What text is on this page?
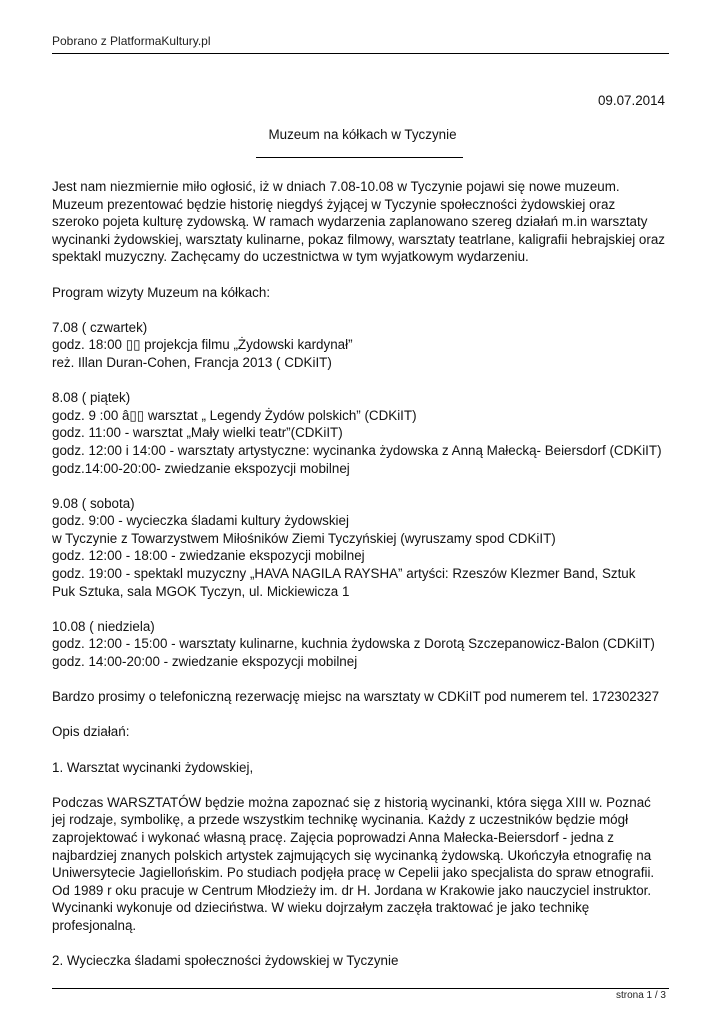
Pobrano z PlatformaKultury.pl
09.07.2014
Muzeum na kółkach w Tyczynie

Jest nam niezmiernie miło ogłosić, iż w dniach 7.08-10.08 w Tyczynie pojawi się nowe muzeum.
Muzeum prezentować będzie historię niegdyś żyjącej w Tyczynie społeczności żydowskiej oraz
szeroko pojeta kulturę zydowską. W ramach wydarzenia zaplanowano szereg działań m.in warsztaty
wycinanki żydowskiej, warsztaty kulinarne, pokaz filmowy, warsztaty teatrlane, kaligrafii hebrajskiej oraz
spektakl muzyczny. Zachęcamy do uczestnictwa w tym wyjatkowym wydarzeniu.

Program wizyty Muzeum na kółkach:

7.08 ( czwartek)
godz. 18:00 ▯▯ projekcja filmu „Żydowski kardynał”
reż. Illan Duran-Cohen, Francja 2013 ( CDKiIT)

8.08 ( piątek)
godz. 9 :00 â▯▯ warsztat „ Legendy Żydów polskich” (CDKiIT)
godz. 11:00 - warsztat „Mały wielki teatr”(CDKiIT)
godz. 12:00 i 14:00 - warsztaty artystyczne: wycinanka żydowska z Anną Małecką- Beiersdorf (CDKiIT)
godz.14:00-20:00- zwiedzanie ekspozycji mobilnej

9.08 ( sobota)
godz. 9:00 - wycieczka śladami kultury żydowskiej
w Tyczynie z Towarzystwem Miłośników Ziemi Tyczyńskiej (wyruszamy spod CDKiIT)
godz. 12:00 - 18:00 - zwiedzanie ekspozycji mobilnej
godz. 19:00 - spektakl muzyczny „HAVA NAGILA RAYSHA” artyści: Rzeszów Klezmer Band, Sztuk
Puk Sztuka, sala MGOK Tyczyn, ul. Mickiewicza 1

10.08 ( niedziela)
godz. 12:00 - 15:00 - warsztaty kulinarne, kuchnia żydowska z Dorotą Szczepanowicz-Balon (CDKiIT)
godz. 14:00-20:00 - zwiedzanie ekspozycji mobilnej

Bardzo prosimy o telefoniczną rezerwację miejsc na warsztaty w CDKiIT pod numerem tel. 172302327

Opis działań:

1. Warsztat wycinanki żydowskiej,

Podczas WARSZTATÓW będzie można zapoznać się z historią wycinanki, która sięga XIII w. Poznać
jej rodzaje, symbolikę, a przede wszystkim technikę wycinania. Każdy z uczestników będzie mógł
zaprojektować i wykonać własną pracę. Zajęcia poprowadzi Anna Małecka-Beiersdorf - jedna z
najbardziej znanych polskich artystek zajmujących się wycinanką żydowską. Ukończyła etnografię na
Uniwersytecie Jagiellońskim. Po studiach podjęła pracę w Cepelii jako specjalista do spraw etnografii.
Od 1989 r oku pracuje w Centrum Młodzieży im. dr H. Jordana w Krakowie jako nauczyciel instruktor.
Wycinanki wykonuje od dzieciństwa. W wieku dojrzałym zaczęła traktować je jako technikę
profesjonalną.

2. Wycieczka śladami społeczności żydowskiej w Tyczynie

strona 1 / 3
